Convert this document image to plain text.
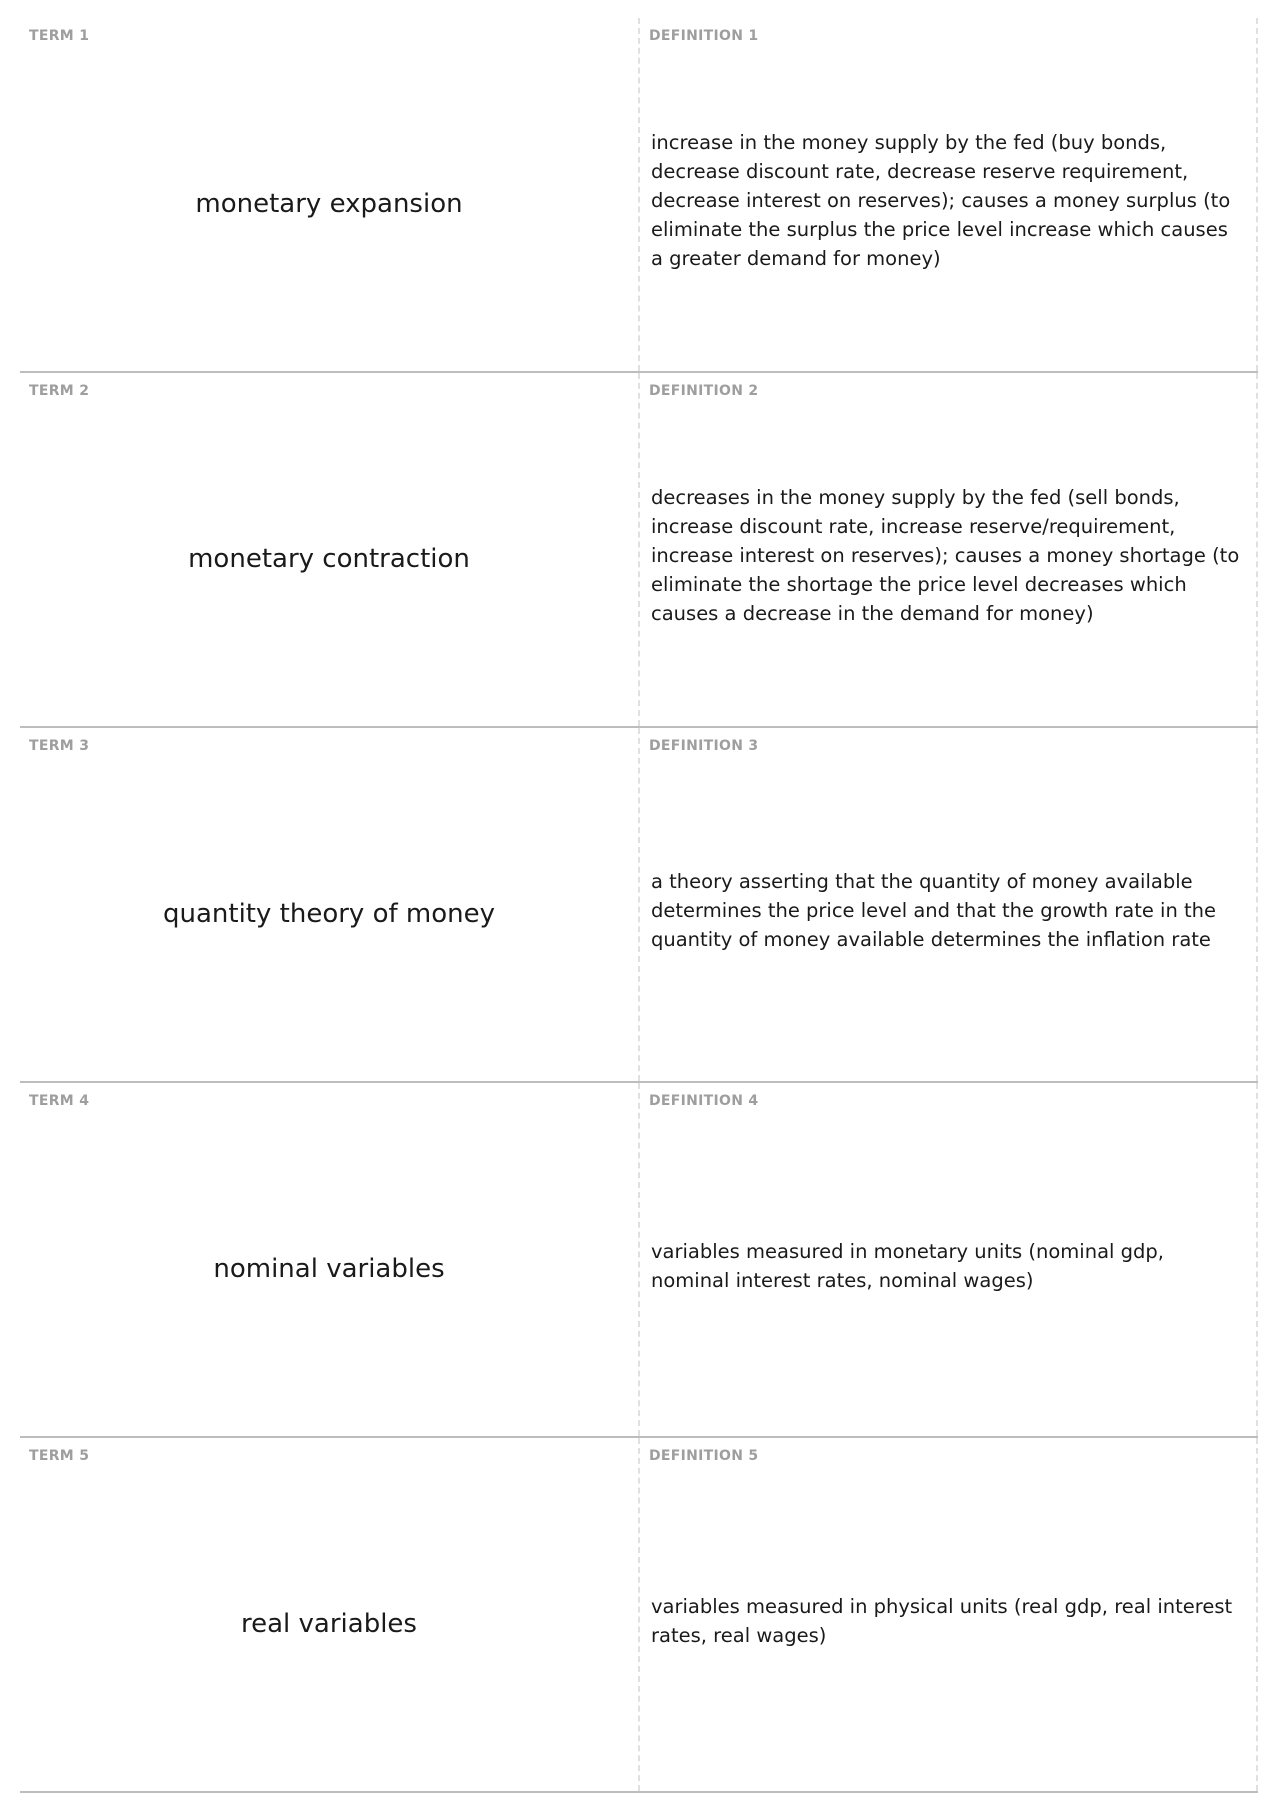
TERM 1
monetary expansion
DEFINITION 1
increase in the money supply by the fed (buy bonds, decrease discount rate, decrease reserve requirement, decrease interest on reserves); causes a money surplus (to eliminate the surplus the price level increase which causes a greater demand for money)
TERM 2
monetary contraction
DEFINITION 2
decreases in the money supply by the fed (sell bonds, increase discount rate, increase reserve/requirement, increase interest on reserves); causes a money shortage (to eliminate the shortage the price level decreases which causes a decrease in the demand for money)
TERM 3
quantity theory of money
DEFINITION 3
a theory asserting that the quantity of money available determines the price level and that the growth rate in the quantity of money available determines the inflation rate
TERM 4
nominal variables
DEFINITION 4
variables measured in monetary units (nominal gdp, nominal interest rates, nominal wages)
TERM 5
real variables
DEFINITION 5
variables measured in physical units (real gdp, real interest rates, real wages)
